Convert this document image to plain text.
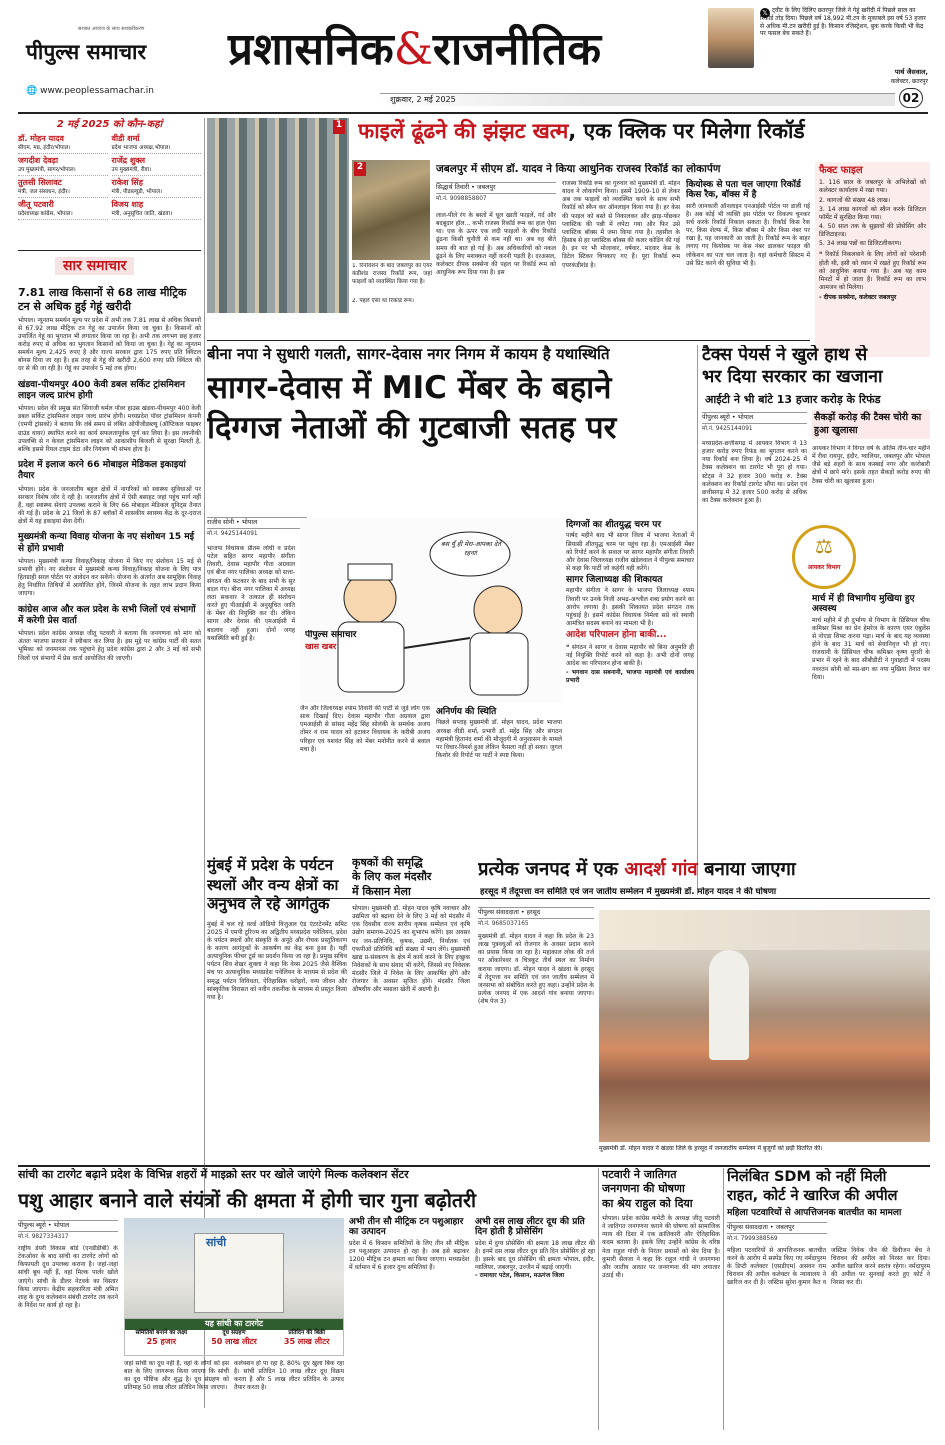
सशक्त आवाज़ के साथ सशक्तीकरण
पीपुल्स समाचार
🌐 www.peoplessamachar.in
प्रशासनिक&राजनीतिक
शुक्रवार, 2 मई 2025	02
𝕏 ट्वीट के लिए दिलिए छतरपुर जिले ने गेहूं खरीदी में पिछले साल का रिकॉर्ड तोड़ दिया। पिछले वर्ष 18,992 मी.टन के मुकाबले इस वर्ष 53 हजार से अधिक मी.टन खरीदी हुई है। किसान रजिस्ट्रेशन, बुक करके किसी भी केंद्र पर फसल बेच सकते हैं।
पार्थ जैसवाल,
कलेक्टर, छतरपुर
2 मई 2025 को कौन-कहां
डॉ. मोहन यादव
सीएम, मप्र, इंदौर/भोपाल।
वीडी शर्मा
प्रदेश भाजपा अध्यक्ष,भोपाल।
जगदीश देवड़ा
उप मुख्यमंत्री, सागर/भोपाल।
राजेंद्र शुक्ल
उप मुख्यमंत्री, रीवा।
तुलसी सिलावट
मंत्री, जल संसाधन, इंदौर।
राकेश सिंह
मंत्री, पीडब्ल्यूडी, भोपाल।
जीतू पटवारी
प्रदेशाध्यक्ष कांग्रेस, भोपाल।
विजय शाह
मंत्री, अनुसूचित जाति, खंडवा।
सार समाचार
7.81 लाख किसानों से 68 लाख मीट्रिक टन से अधिक हुई गेहूं खरीदी
भोपाल। न्यूनतम समर्थन मूल्य पर प्रदेश में अभी तक 7.81 लाख से अधिक किसानों से 67.92 लाख मीट्रिक टन गेहूं का उपार्जन किया जा चुका है। किसानों को उपार्जित गेहूं का भुगतान भी लगातार किया जा रहा है। अभी तक लगभग छह हजार करोड़ रुपए से अधिक का भुगतान किसानों को किया जा चुका है। गेहूं का न्यूनतम समर्थन मूल्य 2,425 रुपए है और राज्य सरकार द्वारा 175 रुपए प्रति क्विंटल बोनस दिया जा रहा है। इस तरह से गेहूं की खरीदी 2,600 रुपए प्रति क्विंटल की दर से की जा रही है। गेहूं का उपार्जन 5 मई तक होगा।
खंडवा-पीथमपुर 400 केवी डबल सर्किट ट्रांसमिशन लाइन जल्द प्रारंभ होगी
भोपाल। प्रदेश की प्रमुख संत सिंगाजी थर्मल पॉवर हाउस खंडवा-पीथमपुर 400 केवी डबल सर्किट ट्रांसमिशन लाइन जल्द प्रारंभ होगी। मध्यप्रदेश पॉवर ट्रांसमिशन कंपनी (एमपी ट्रांसको) ने बताया कि लंबे समय से लंबित ओपीजीडब्ल्यू (ऑप्टिकल फाइबर ग्राउंड वायर) स्थापित करने का कार्य सफलतापूर्वक पूर्ण कर लिया है। इस तकनीकी उपलब्धि से न केवल ट्रांसमिशन लाइन को आकाशीय बिजली से सुरक्षा मिलती है, बल्कि इससे रियल टाइम डेटा और नियंत्रण भी संभव होता है।
प्रदेश में इलाज करने 66 मोबाइल मेडिकल इकाइयां तैयार
भोपाल। प्रदेश के जनजातीय बहुल क्षेत्रों में नागरिकों को स्वास्थ्य सुविधाओं पर सरकार विशेष जोर दे रही है। जनजातीय क्षेत्रों में ऐसी बसाहट जहां पहुंच मार्ग नहीं हैं, वहां स्वास्थ्य सेवाएं उपलब्ध कराने के लिए 66 मोबाइल मेडिकल यूनिट्स तैनात की गई हैं। प्रदेश के 21 जिलों के 87 ब्लॉकों में शासकीय स्वास्थ्य केंद्र के दूर-दराज क्षेत्रों में यह इकाइयां सेवा देंगी।
मुख्यमंत्री कन्या विवाह योजना के नए संशोधन 15 मई से होंगे प्रभावी
भोपाल। मुख्यमंत्री कन्या विवाह/निकाह योजना में किए गए संशोधन 15 मई से प्रभावी होंगे। नए संशोधन में मुख्यमंत्री कन्या विवाह/निकाह योजना के लिए पात्र हितग्राही सरल पोर्टल पर आवेदन कर सकेंगे। योजना के अंतर्गत अब सामूहिक विवाह हेतु निर्धारित तिथियों में आयोजित होंगे, जिनमें योजना के तहत लाभ प्रदान किया जाएगा।
कांग्रेस आज और कल प्रदेश के सभी जिलों एवं संभागों में करेगी प्रेस वार्ता
भोपाल। प्रदेश कांग्रेस अध्यक्ष जीतू पटवारी ने बताया कि जनगणना को मांग को अंततः भाजपा सरकार ने स्वीकार कर लिया है। इस मुद्दे पर कांग्रेस पार्टी की सतत भूमिका को जनमानस तक पहुंचाने हेतु प्रदेश कांग्रेस द्वारा 2 और 3 मई को सभी जिलों एवं संभागों में प्रेस वार्ता आयोजित की जाएगी।
1
2
1. रिनोवेशन के बाद जबलपुर का एयर कंडीशंड राजस्व रिकॉर्ड रूम, जहां फाइलों को व्यवस्थित किया गया है।
2. पहले ऐसा था रिकॉर्ड रूम।
फाइलें ढूंढने की झंझट खत्म, एक क्लिक पर मिलेगा रिकॉर्ड
जबलपुर में सीएम डॉ. यादव ने किया आधुनिक राजस्व रिकॉर्ड का लोकार्पण
सिद्धार्थ तिवारी • जबलपुर
मो.नं. 9098858807
लाल-पीले रंग के बस्तों में धूल खाती फाइलें, गर्द और बदबूदार हॉल... कभी राजस्व रिकॉर्ड रूम का हाल ऐसा था। एक के ऊपर एक लदी फाइलों के बीच रिकॉर्ड ढूंढना किसी चुनौती से कम नहीं था। अब वह बीते समय की बात हो गई है। अब अधिकारियों को नकल ढूंढने के लिए मशक्कत नहीं करनी पड़ती है। दरअसल, कलेक्टर दीपक सक्सेना की पहल पर रिकॉर्ड रूम को आधुनिक रूप दिया गया है। इस
राजस्व रिकॉर्ड रूम का गुरुवार को मुख्यमंत्री डॉ. मोहन यादव ने लोकार्पण किया। इसमें 1909-10 से लेकर अब तक फाइलों को व्यवस्थित करने के साथ सभी रिकॉर्ड को स्कैन कर ऑनलाइन किया गया है। हर केस की फाइल को बस्ते से निकालकर और झाड़-पोंछकर प्लास्टिक की पन्नी में लपेटा गया और फिर उसे प्लास्टिक बॉक्स में जमा किया गया है। तहसील के हिसाब से हर प्लास्टिक बॉक्स की कलर कोडिंग की गई है। इन पर भी मोजावार, वर्षवार, मदवार केस के डिटेल स्टिकर चिपकाए गए हैं। पूरा रिकॉर्ड रूम एयरकंडीशंड है।
कियोस्क से पता चल जाएगा रिकॉर्ड किस रैक, बॉक्स में है
सारी जानकारी ऑनलाइन एनआईसी पोर्टल पर डाली गई है। अब कोई भी व्यक्ति इस पोर्टल पर विकल्प चुनकर सर्च करके रिकॉर्ड निकाल सकता है। रिकॉर्ड किस रैक पर, किस शेल्फ में, किस बॉक्स में और किस नंबर पर रखा है, यह जानकारी आ जाती है। रिकॉर्ड रूम के बाहर लगाए गए कियोस्क पर केस नंबर डालकर फाइल की लोकेशन का पता चल जाता है। यहां कर्मचारी सिस्टम में उसे प्रिंट करने की सुविधा भी है।
फैक्ट फाइल
1. 116 साल के जबलपुर के अभिलेखों को कलेक्टर कार्यालय में रखा गया।
2. कागजों की संख्या 48 लाख।
3. 14 लाख कागजों को स्कैन करके डिजिटल फॉर्मेट में सुरक्षित किया गया।
4. 50 साल तक के सुझावों की प्रोसेसिंग और डिजिटाइज्ड।
5. 34 लाख पन्नों का डिजिटलीकरण।
❝ रिकॉर्ड निकलवाने के लिए लोगों को परेशानी होती थी, इसी को ध्यान में रखते हुए रिकॉर्ड रूम को आधुनिक बनाया गया है। अब यह काम मिनटों में हो जाता है। रिकॉर्ड रूम का लाभ आमजन को मिलेगा।
- दीपक सक्सेना, कलेक्टर जबलपुर
बीना नपा ने सुधारी गलती, सागर-देवास नगर निगम में कायम है यथास्थिति
सागर-देवास में MIC मेंबर के बहाने
दिग्गज नेताओं की गुटबाजी सतह पर
राजीव सोनी • भोपाल
मो.नं. 9425144091
बस यूँ ही मेरा-आपका देते रहना!
पीपुल्स समाचार
खास खबर
भाजपा विधायक प्रीतम लोधी व प्रदेश पटेल सहित सागर महापौर संगीता तिवारी, देवास महापौर गीता अग्रवाल एवं बीना नगर पालिका अध्यक्ष को सत्ता-संगठन की फटकार के बाद सभी के सुर बदल गए। बीना नगर पालिका में अध्यक्ष लता सकवार ने तत्काल ही संशोधन करते हुए पीआईसी में अनुसूचित जाति के मेंबर की नियुक्ति कर दी। लेकिन सागर और देवास की एमआईसी में बदलाव नहीं हुआ। दोनों जगह यथास्थिति बनी हुई है।
जैन और जिलाध्यक्ष श्याम तिवारी की पार्टी से जुड़े लोग एक साथ दिखाई दिए। देवास महापौर गीता अग्रवाल द्वारा एमआईसी से सांसद महेंद्र सिंह सोलंकी के समर्थक अजय तोमर व राम यादव को हटाकर विधायक के करीबी अजय परिहार एवं यशवंत सिंह को मेंबर मनोनीत करने से बवाल मचा है।
अनिर्णय की स्थिति
पिछले सप्ताह मुख्यमंत्री डॉ. मोहन यादव, प्रदेश भाजपा अध्यक्ष वीडी शर्मा, प्रभारी डॉ. महेंद्र सिंह और संगठन महामंत्री हितानंद शर्मा की मौजूदगी में अनुशासन के मामले पर विचार-विमर्श हुआ लेकिन फैसला नहीं हो सका। जुगल किशोर की रिपोर्ट पर पार्टी ने स्पष्ट किया।
दिग्गजों का शीतयुद्ध चरम पर
पार्षद महीने बाद भी सागर जिला में भाजपा नेताओं में सियासी शीतयुद्ध चरम पर पहुंच रहा है। एमआईसी मेंबर को रिपोर्ट करने के सवाल पर सागर महापौर संगीता तिवारी और देवास जिलाध्यक्ष राजीव खंडेलवाल ने पीपुल्स समाचार से कहा कि पार्टी जो कहेगी वही करेंगे।
सागर जिलाध्यक्ष की शिकायत
महापौर संगीता ने सागर के भाजपा जिलाध्यक्ष श्याम तिवारी पर उनके निजी अभद्र-अश्लील शब्द प्रयोग करने का आरोप लगाया है। इसकी शिकायत प्रदेश संगठन तक पहुंचाई है। इसमें कांग्रेस विधायक निर्मला सप्रे को स्थायी आमंत्रित सदस्य बनाने का मामला भी है।
आदेश परिपालन होना बाकी...
❝ संगठन ने सागर व देवास महापौर को बिना अनुमति ही नई नियुक्ति रिपोर्ट करने को कहा है। अभी दोनों जगह आदेश का परिपालन होना बाकी है।
- भगवान दास सबनानी, भाजपा महामंत्री एवं कार्यालय प्रभारी
टैक्स पेयर्स ने खुले हाथ से
भर दिया सरकार का खजाना
आईटी ने भी बांटे 13 हजार करोड़ के रिफंड
पीपुल्स ब्यूरो • भोपाल
मो.नं. 9425144091
सैकड़ों करोड़ की टैक्स चोरी का हुआ खुलासा
मध्यप्रदेश-छत्तीसगढ़ में आयकर विभाग ने 13 हजार करोड़ रुपए रिफंड का भुगतान करने का नया रिकॉर्ड बना लिया है। वर्ष 2024-25 में टैक्स कलेक्शन का टारगेट भी पूरा हो गया। स्टेट्स ने 32 हजार 300 करोड़ रु. टैक्स कलेक्शन का रिकॉर्ड टारगेट सौंपा था। प्रदेश एवं छत्तीसगढ़ में 32 हजार 500 करोड़ से अधिक का टैक्स कलेक्शन हुआ है।
आयकर विभाग ने विगत वर्ष के अंतिम तीन-चार महीने में रीवा रायपुर, इंदौर, ग्वालियर, जबलपुर और भोपाल जैसे बड़े शहरों के साथ कस्बाई नगर और कारोबारी क्षेत्रों में छापे मारे। इसके तहत सैकड़ों करोड़ रुपए की टैक्स चोरी का खुलासा हुआ।
⚖
आयकर विभाग
मार्च में ही विभागीय मुखिया हुए अस्वस्थ
मार्च महीने में ही दुर्भाग्य से विभाग के प्रिंसिपल चीफ कमिश्नर मिश्रा का प्रेन हेमरेज के कारण एयर एंबुलेंस से नोएडा शिफ्ट करना पड़ा। मार्च के बाद यह व्यवस्था होने के बाद 31 मार्च को सेवानिवृत्त भी हो गए। राजधानी के प्रिंसिपल चीफ कमिश्नर कृष्ण मुरारी के प्रभार में रहने के बाद सीबीडीटी ने गुवाहाटी में पदस्थ नवरतन सोनी को मप्र-छग का नया मुखिया तैनात कर दिया।
मुंबई में प्रदेश के पर्यटन
स्थलों और वन्य क्षेत्रों का
अनुभव ले रहे आगंतुक
मुंबई में चल रहे वर्ल्ड ऑडियो विजुअल एंड एंटरटेनमेंट समिट 2025 में एमपी टूरिज्म का अद्वितीय मध्यप्रदेश पवेलियन, प्रदेश के पर्यटन स्थलों और संस्कृति के अनूठे और रोचक प्रस्तुतिकरण के कारण आगंतुकों के आकर्षण का केंद्र बना हुआ है। यहीं अत्याधुनिक फीचर टूर्स का प्रदर्शन किया जा रहा है। प्रमुख सचिव पर्यटन शिव शेखर शुक्ला ने कहा कि वेव्स 2025 जैसे वैश्विक मंच पर अत्याधुनिक मध्यप्रदेश पवेलियन के माध्यम से प्रदेश की समृद्ध पर्यटन विविधता, ऐतिहासिक धरोहरों, वन्य जीवन और सांस्कृतिक विरासत को नवीन तकनीक के माध्यम से प्रस्तुत किया गया है।
कृषकों की समृद्धि
के लिए कल मंदसौर
में किसान मेला
भोपाल। मुख्यमंत्री डॉ. मोहन यादव कृषि नवाचार और उद्यमिता को बढ़ावा देने के लिए 3 मई को मंदसौर में एक दिवसीय राज्य स्तरीय कृषक सम्मेलन एवं कृषि उद्योग समागम-2025 का शुभारंभ करेंगे। इस अवसर पर जन-प्रतिनिधि, कृषक, उद्यमी, निर्यातक एवं एफपीओ प्रतिनिधि बड़ी संख्या में भाग लेंगे। मुख्यमंत्री खाद्य प्र-संस्करण के क्षेत्र में कार्य करने के लिए इच्छुक निवेशकों के साथ संवाद भी करेंगे, जिससे नए निवेशक मंदसौर जिले में निवेश के लिए आकर्षित होंगे और रोजगार के अवसर सृजित होंगे। मंदसौर जिला औषधीय और मसाला खेती में अग्रणी है।
प्रत्येक जनपद में एक आदर्श गांव बनाया जाएगा
हरसूद में तेंदूपत्ता वन समिति एवं जन जातीय सम्मेलन में मुख्यमंत्री डॉ. मोहन यादव ने की घोषणा
पीपुल्स संवाददाता • हरसूद
मो.नं. 9685037165
मुख्यमंत्री डॉ. मोहन यादव ने कहा कि प्रदेश के 23 लाख पुत्रवधुओं को रोजगार के अवसर प्रदान करने का प्रयास किया जा रहा है। महाकाल लोक की तर्ज पर ओंकारेश्वर व चित्रकूट तीर्थ स्थल का निर्माण कराया जाएगा। डॉ. मोहन यादव ने खंडवा के हरसूद में तेंदूपत्ता वन समिति एवं जन जातीय सम्मेलन में जनसभा को संबोधित करते हुए कहा। उन्होंने प्रदेश के प्रत्येक जनपद में एक आदर्श गांव बनाया जाएगा। (शेष पेज 3)
मुख्यमंत्री डॉ. मोहन यादव ने खंडवा जिले के हरसूद में जनजातीय सम्मेलन में बुजुर्गों को छड़ी वितरित की।
सांची का टारगेट बढ़ाने प्रदेश के विभिन्न शहरों में माइक्रो स्तर पर खोले जाएंगे मिल्क कलेक्शन सेंटर
पशु आहार बनाने वाले संयंत्रों की क्षमता में होगी चार गुना बढ़ोतरी
पीपुल्स ब्यूरो • भोपाल
मो.नं. 9827334317
राष्ट्रीय डेयरी विकास बोर्ड (एनडीडीबी) के टेकओवर के बाद सांची का टारगेट लोगों को किफायती दूध उपलब्ध कराना है। जहां-जहां सांची बूथ नहीं हैं, वहां मिल्क पार्लर खोले जाएंगे। सांची के डीलर नेटवर्क का विस्तार किया जाएगा। केंद्रीय सहकारिता मंत्री अमित शाह के दुग्ध कलेक्शन संबंधी टारगेट तय करने के निर्देश पर कार्य हो रहा है।
सांची
यह सांची का टारगेट
समितियों बनाने का लक्ष्य
25 हजार
दूध संग्रहण
50 लाख लीटर
प्रतिदिन की बिक्री
35 लाख लीटर
जहां सांची का दूध नहीं है, वहां के लोगों को इस बात के लिए जागरूक किया जाएगा कि सांची का दूध पौष्टिक और शुद्ध है। दूध संग्रहण को प्रतिमाह 50 लाख लीटर प्रतिदिन किया जाएगा।
कलेक्शन हो पा रहा है, 80% दूध खुला बिक रहा है। सांची प्रतिदिन 10 लाख लीटर दूध विक्रय करता है और 5 लाख लीटर प्रतिदिन के उत्पाद तैयार करता है।
अभी तीन सौ मीट्रिक टन पशुआहार का उत्पादन
प्रदेश में 6 किसान समितियों के लिए तीन सौ मीट्रिक टन पशुआहार उत्पादन हो रहा है। अब इसे बढ़ाकर 1200 मीट्रिक टन क्षमता का किया जाएगा। मध्यप्रदेश में वर्तमान में 6 हजार दुग्ध समितियां हैं।
अभी दस लाख लीटर दूध की प्रति दिन होती है प्रोसेसिंग
प्रदेश में दुग्ध प्रोसेसिंग की क्षमता 18 लाख लीटर की है। इनमें दस लाख लीटर दूध प्रति दिन प्रोसेसिंग हो रहा है। इसके बाद दूध प्रोसेसिंग की क्षमता भोपाल, इंदौर, ग्वालियर, जबलपुर, उज्जैन में बढ़ाई जाएगी।
- रामाधार पटेल, किसान, मऊगंज जिला
पटवारी ने जातिगत
जनगणना की घोषणा
का श्रेय राहुल को दिया
भोपाल। प्रदेश कांग्रेस कमेटी के अध्यक्ष जीतू पटवारी ने जातिगत जनगणना कराने की घोषणा को सामाजिक न्याय की दिशा में एक क्रांतिकारी और ऐतिहासिक कदम बताया है। इसके लिए उन्होंने कांग्रेस के वरिष्ठ नेता राहुल गांधी के निरंतर प्रयासों को श्रेय दिया है। कुमारी सैलजा ने कहा कि राहुल गांधी ने जनगणना और जातीय आधार पर जनगणना की मांग लगातार उठाई थी।
निलंबित SDM को नहीं मिली
राहत, कोर्ट ने खारिज की अपील
महिला पटवारियों से आपत्तिजनक बातचीत का मामला
पीपुल्स संवाददाता • जबलपुर
मो.नं. 7999388569
महिला पटवारियों से आपत्तिजनक बातचीत करने के आरोप में सस्पेंड किए गए नर्मदापुरम के डिप्टी कलेक्टर (एसडीएम) असवन राम चिरावन की अपील कलेक्टर के न्यायालय ने खारिज कर दी है। जस्टिस सुरेश कुमार कैत व जस्टिस विवेक जैन की डिवीजन बेंच ने चिरावन की अपील को निरस्त कर दिया। अपील खारिज करने स्वतंत्र रहेगा। नर्मदापुरम की अपील पर सुनवाई करते हुए कोर्ट ने निरस्त कर दी।
